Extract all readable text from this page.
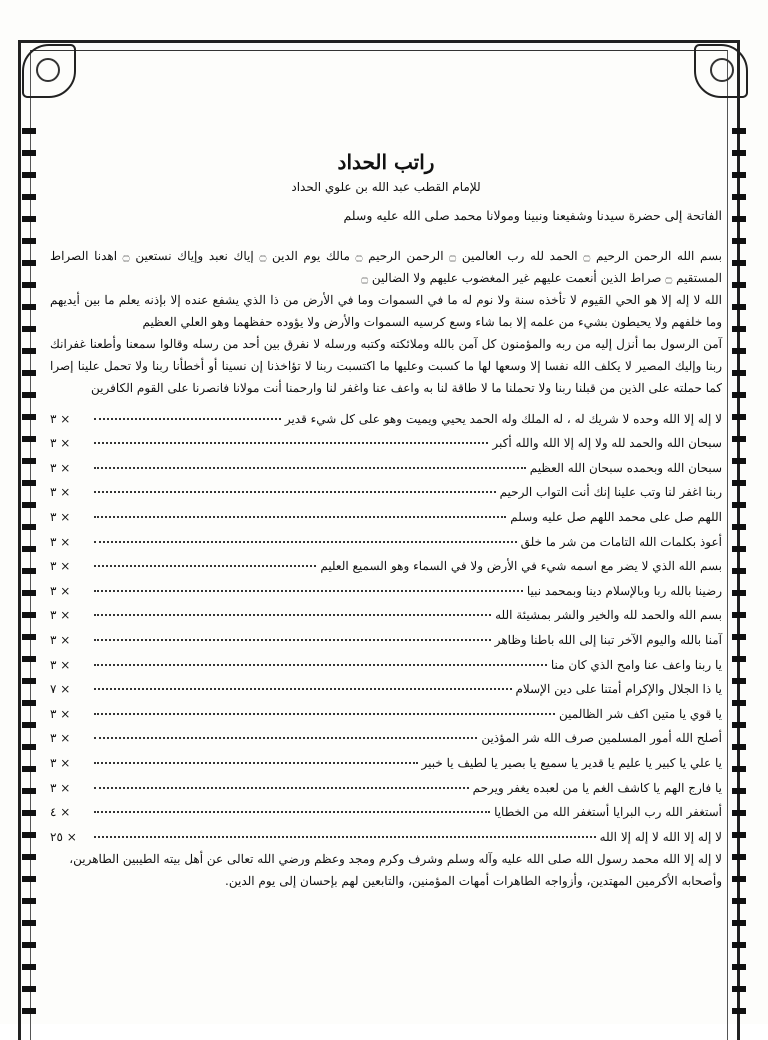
راتب الحداد
للإمام القطب عبد الله بن علوي الحداد
الفاتحة إلى حضرة سيدنا وشفيعنا ونبينا ومولانا محمد صلى الله عليه وسلم

بسم الله الرحمن الرحيم ۝ الحمد لله رب العالمين ۝ الرحمن الرحيم ۝ مالك يوم الدين ۝ إياك نعبد وإياك نستعين ۝ اهدنا الصراط المستقيم ۝ صراط الذين أنعمت عليهم غير المغضوب عليهم ولا الضالين ۝

الله لا إله إلا هو الحي القيوم لا تأخذه سنة ولا نوم له ما في السموات وما في الأرض من ذا الذي يشفع عنده إلا بإذنه يعلم ما بين أيديهم وما خلفهم ولا يحيطون بشيء من علمه إلا بما شاء وسع كرسيه السموات والأرض ولا يؤوده حفظهما وهو العلي العظيم

آمن الرسول بما أنزل إليه من ربه والمؤمنون كل آمن بالله وملائكته وكتبه ورسله لا نفرق بين أحد من رسله وقالوا سمعنا وأطعنا غفرانك ربنا وإليك المصير لا يكلف الله نفسا إلا وسعها لها ما كسبت وعليها ما اكتسبت ربنا لا تؤاخذنا إن نسينا أو أخطأنا ربنا ولا تحمل علينا إصرا كما حملته على الذين من قبلنا ربنا ولا تحملنا ما لا طاقة لنا به واعف عنا واغفر لنا وارحمنا أنت مولانا فانصرنا على القوم الكافرين

لا إله إلا الله وحده لا شريك له ، له الملك وله الحمد يحيي ويميت وهو على كل شيء قدير
٣ ×
سبحان الله والحمد لله ولا إله إلا الله والله أكبر
٣ ×
سبحان الله وبحمده سبحان الله العظيم
٣ ×
ربنا اغفر لنا وتب علينا إنك أنت التواب الرحيم
٣ ×
اللهم صل على محمد اللهم صل عليه وسلم
٣ ×
أعوذ بكلمات الله التامات من شر ما خلق
٣ ×
بسم الله الذي لا يضر مع اسمه شيء في الأرض ولا في السماء وهو السميع العليم
٣ ×
رضينا بالله ربا وبالإسلام دينا وبمحمد نبيا
٣ ×
بسم الله والحمد لله والخير والشر بمشيئة الله
٣ ×
آمنا بالله واليوم الآخر تبنا إلى الله باطنا وظاهر
٣ ×
يا ربنا واعف عنا وامح الذي كان منا
٣ ×
يا ذا الجلال والإكرام أمتنا على دين الإسلام
٧ ×
يا قوي يا متين اكف شر الظالمين
٣ ×
أصلح الله أمور المسلمين صرف الله شر المؤذين
٣ ×
يا علي يا كبير يا عليم يا قدير يا سميع يا بصير يا لطيف يا خبير
٣ ×
يا فارج الهم يا كاشف الغم يا من لعبده يغفر ويرحم
٣ ×
أستغفر الله رب البرايا أستغفر الله من الخطايا
٤ ×
لا إله إلا الله لا إله إلا الله
٢٥ ×

لا إله إلا الله محمد رسول الله صلى الله عليه وآله وسلم وشرف وكرم ومجد وعظم ورضي الله تعالى عن أهل بيته الطيبين الطاهرين، وأصحابه الأكرمين المهتدين، وأزواجه الطاهرات أمهات المؤمنين، والتابعين لهم بإحسان إلى يوم الدين.
